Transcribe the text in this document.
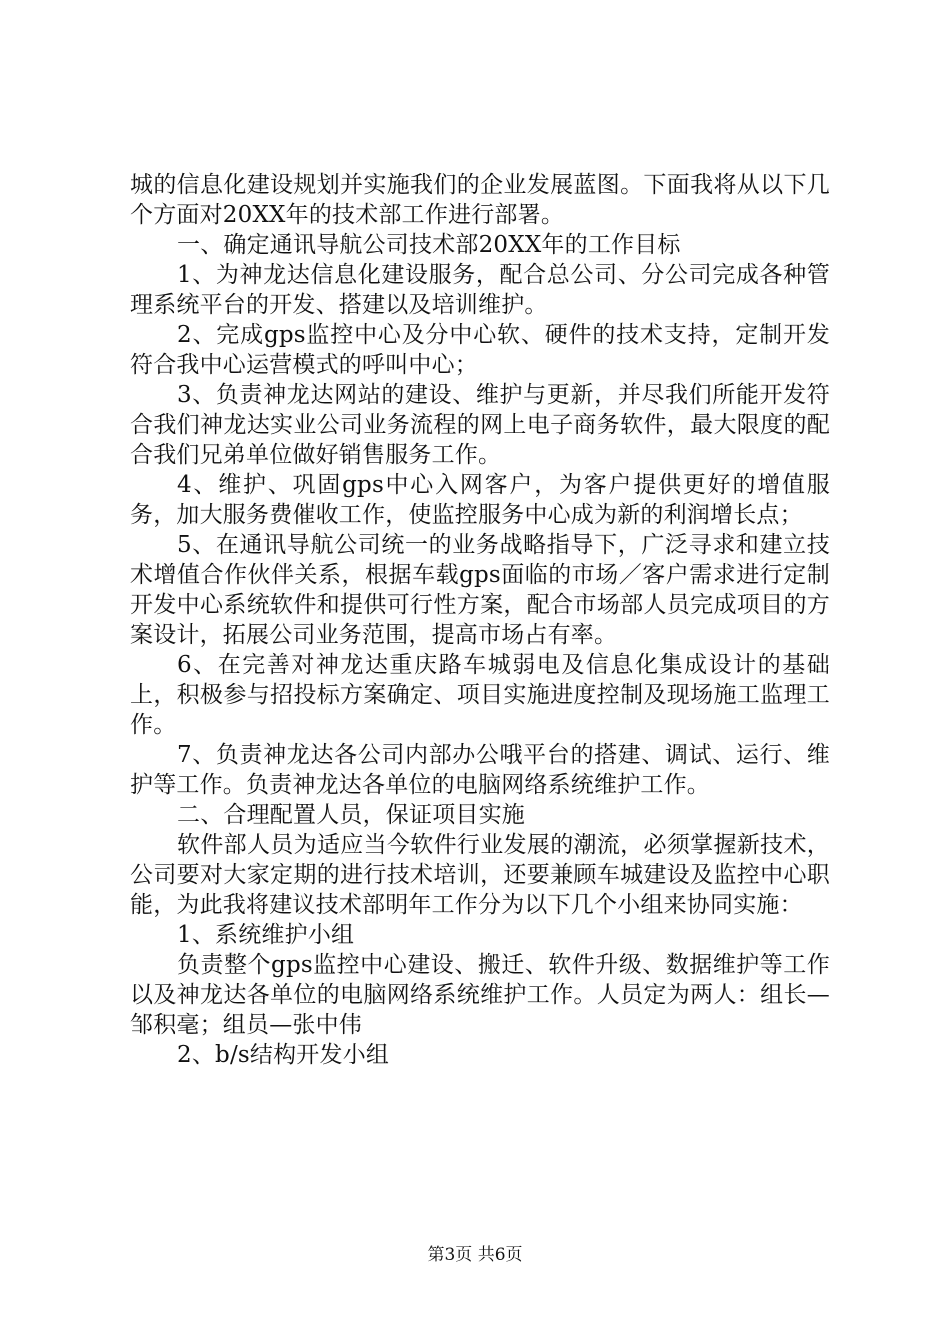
城的信息化建设规划并实施我们的企业发展蓝图。下面我将从以下几个方面对20XX年的技术部工作进行部署。

一、确定通讯导航公司技术部20XX年的工作目标

1、为神龙达信息化建设服务，配合总公司、分公司完成各种管理系统平台的开发、搭建以及培训维护。

2、完成gps监控中心及分中心软、硬件的技术支持，定制开发符合我中心运营模式的呼叫中心；

3、负责神龙达网站的建设、维护与更新，并尽我们所能开发符合我们神龙达实业公司业务流程的网上电子商务软件，最大限度的配合我们兄弟单位做好销售服务工作。

4、维护、巩固gps中心入网客户，为客户提供更好的增值服务，加大服务费催收工作，使监控服务中心成为新的利润增长点；

5、在通讯导航公司统一的业务战略指导下，广泛寻求和建立技术增值合作伙伴关系，根据车载gps面临的市场／客户需求进行定制开发中心系统软件和提供可行性方案，配合市场部人员完成项目的方案设计，拓展公司业务范围，提高市场占有率。

6、在完善对神龙达重庆路车城弱电及信息化集成设计的基础上，积极参与招投标方案确定、项目实施进度控制及现场施工监理工作。

7、负责神龙达各公司内部办公哦平台的搭建、调试、运行、维护等工作。负责神龙达各单位的电脑网络系统维护工作。

二、合理配置人员，保证项目实施

软件部人员为适应当今软件行业发展的潮流，必须掌握新技术，公司要对大家定期的进行技术培训，还要兼顾车城建设及监控中心职能，为此我将建议技术部明年工作分为以下几个小组来协同实施：

1、系统维护小组

负责整个gps监控中心建设、搬迁、软件升级、数据维护等工作以及神龙达各单位的电脑网络系统维护工作。人员定为两人：组长—邹积毫；组员—张中伟

2、b/s结构开发小组

第3页 共6页
